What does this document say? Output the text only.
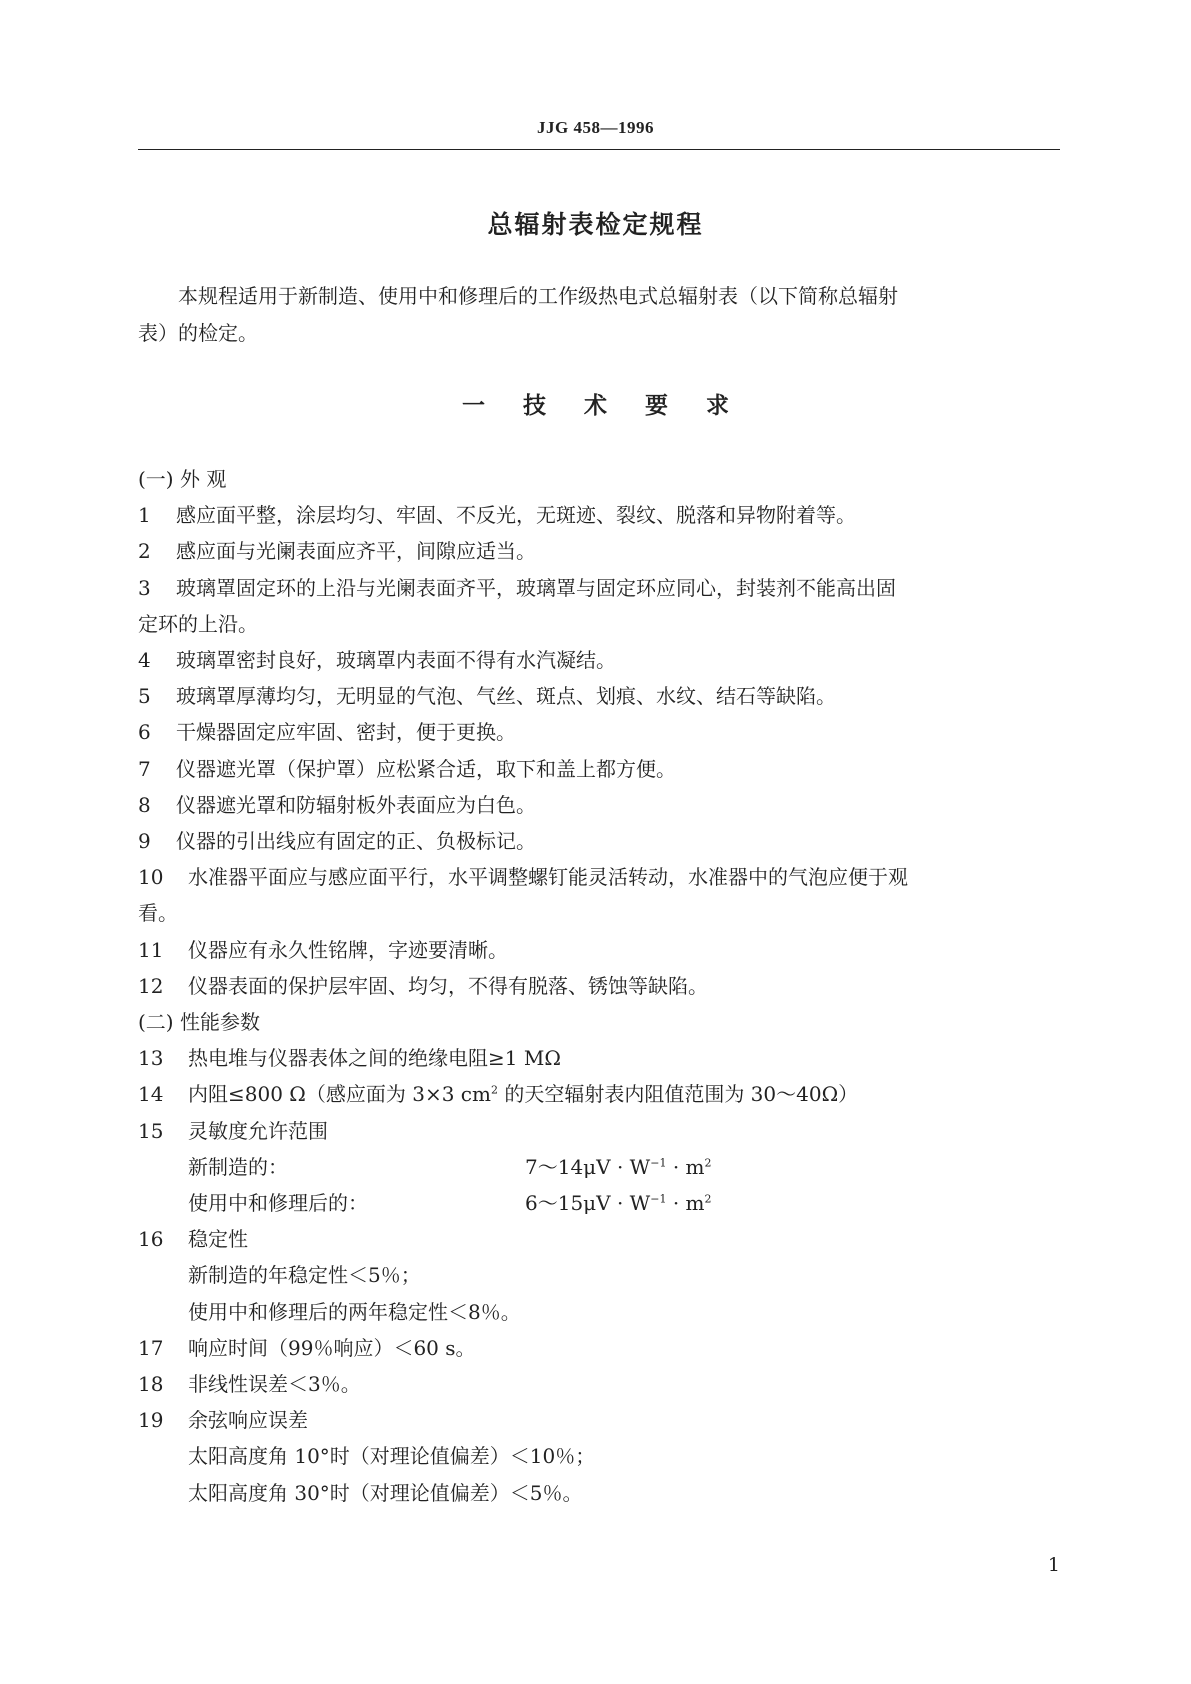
JJG 458—1996
总辐射表检定规程
本规程适用于新制造、使用中和修理后的工作级热电式总辐射表（以下简称总辐射
表）的检定。
一 技 术 要 求
(一) 外 观
1 感应面平整，涂层均匀、牢固、不反光，无斑迹、裂纹、脱落和异物附着等。
2 感应面与光阑表面应齐平，间隙应适当。
3 玻璃罩固定环的上沿与光阑表面齐平，玻璃罩与固定环应同心，封装剂不能高出固
定环的上沿。
4 玻璃罩密封良好，玻璃罩内表面不得有水汽凝结。
5 玻璃罩厚薄均匀，无明显的气泡、气丝、斑点、划痕、水纹、结石等缺陷。
6 干燥器固定应牢固、密封，便于更换。
7 仪器遮光罩（保护罩）应松紧合适，取下和盖上都方便。
8 仪器遮光罩和防辐射板外表面应为白色。
9 仪器的引出线应有固定的正、负极标记。
10 水准器平面应与感应面平行，水平调整螺钉能灵活转动，水准器中的气泡应便于观
看。
11 仪器应有永久性铭牌，字迹要清晰。
12 仪器表面的保护层牢固、均匀，不得有脱落、锈蚀等缺陷。
(二) 性能参数
13 热电堆与仪器表体之间的绝缘电阻≥1 MΩ
14 内阻≤800 Ω（感应面为 3×3 $cm^2$ 的天空辐射表内阻值范围为 30～40Ω）
15 灵敏度允许范围
新制造的：	7～14μV · $W^{-1} \cdot m^2$
使用中和修理后的：	6～15μV · $W^{-1} \cdot m^2$
16 稳定性
新制造的年稳定性＜5％；
使用中和修理后的两年稳定性＜8％。
17 响应时间（99％响应）＜60 s。
18 非线性误差＜3％。
19 余弦响应误差
太阳高度角 10°时（对理论值偏差）＜10％；
太阳高度角 30°时（对理论值偏差）＜5％。
1
